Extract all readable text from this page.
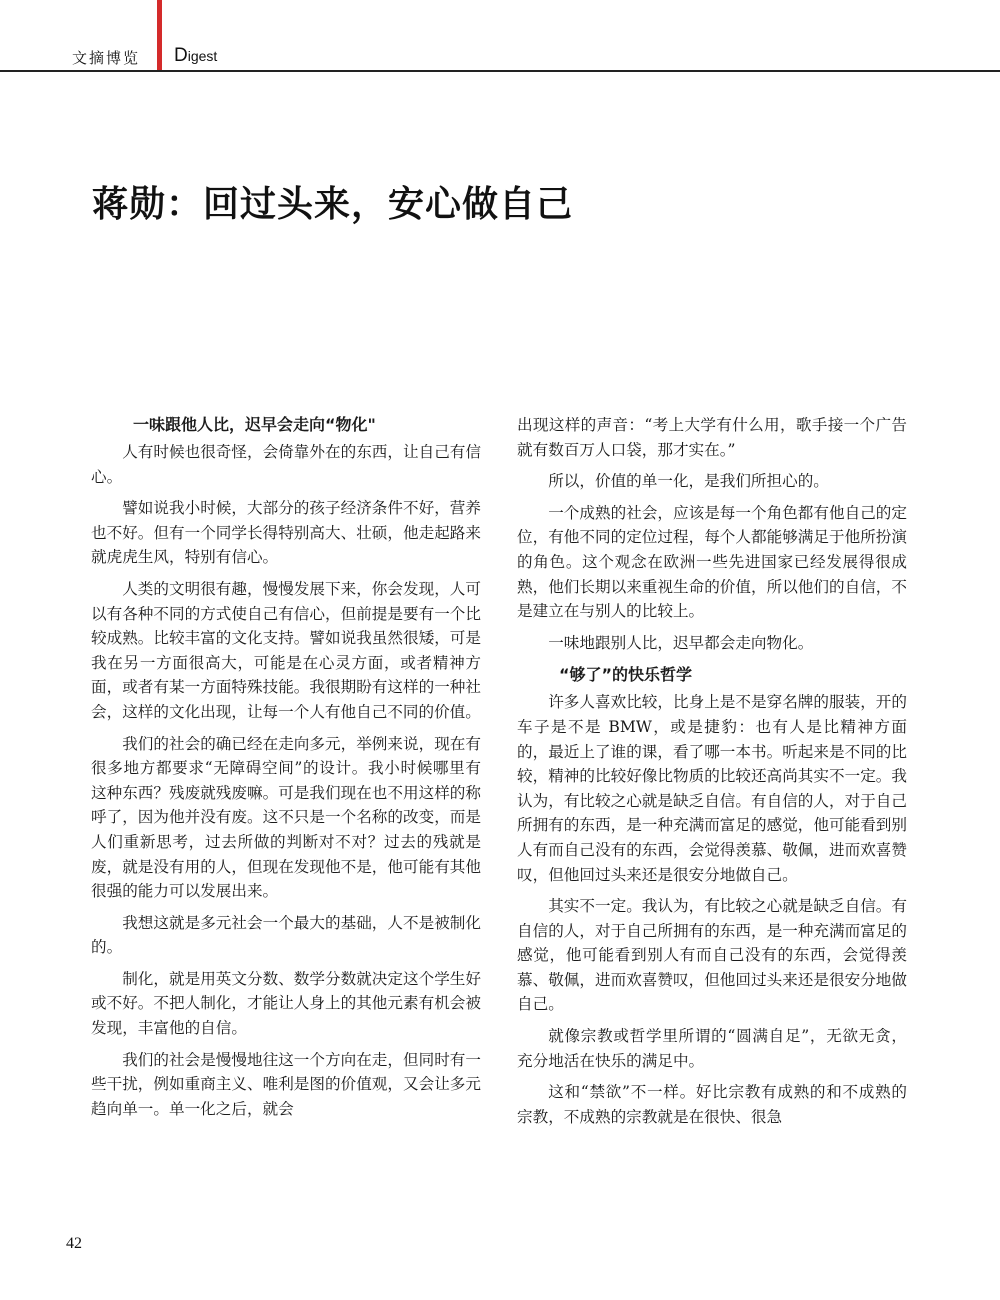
文摘博览 Digest
蒋勋：回过头来，安心做自己
一味跟他人比，迟早会走向“物化"

人有时候也很奇怪，会倚靠外在的东西，让自己有信心。

譬如说我小时候，大部分的孩子经济条件不好，营养也不好。但有一个同学长得特别高大、壮硕，他走起路来就虎虎生风，特别有信心。

人类的文明很有趣，慢慢发展下来，你会发现，人可以有各种不同的方式使自己有信心，但前提是要有一个比较成熟。比较丰富的文化支持。譬如说我虽然很矮，可是我在另一方面很高大，可能是在心灵方面，或者精神方面，或者有某一方面特殊技能。我很期盼有这样的一种社会，这样的文化出现，让每一个人有他自己不同的价值。

我们的社会的确已经在走向多元，举例来说，现在有很多地方都要求“无障碍空间”的设计。我小时候哪里有这种东西？残废就残废嘛。可是我们现在也不用这样的称呼了，因为他并没有废。这不只是一个名称的改变，而是人们重新思考，过去所做的判断对不对？过去的残就是废，就是没有用的人，但现在发现他不是，他可能有其他很强的能力可以发展出来。

我想这就是多元社会一个最大的基础，人不是被制化的。

制化，就是用英文分数、数学分数就决定这个学生好或不好。不把人制化，才能让人身上的其他元素有机会被发现，丰富他的自信。

我们的社会是慢慢地往这一个方向在走，但同时有一些干扰，例如重商主义、唯利是图的价值观，又会让多元趋向单一。单一化之后，就会

出现这样的声音：“考上大学有什么用，歌手接一个广告就有数百万人口袋，那才实在。”

所以，价值的单一化，是我们所担心的。

一个成熟的社会，应该是每一个角色都有他自己的定位，有他不同的定位过程，每个人都能够满足于他所扮演的角色。这个观念在欧洲一些先进国家已经发展得很成熟，他们长期以来重视生命的价值，所以他们的自信，不是建立在与别人的比较上。

一味地跟别人比，迟早都会走向物化。

“够了”的快乐哲学

许多人喜欢比较，比身上是不是穿名牌的服装，开的车子是不是 BMW，或是捷豹：也有人是比精神方面的，最近上了谁的课，看了哪一本书。听起来是不同的比较，精神的比较好像比物质的比较还高尚其实不一定。我认为，有比较之心就是缺乏自信。有自信的人，对于自己所拥有的东西，是一种充满而富足的感觉，他可能看到别人有而自己没有的东西，会觉得羡慕、敬佩，进而欢喜赞叹，但他回过头来还是很安分地做自己。

其实不一定。我认为，有比较之心就是缺乏自信。有自信的人，对于自己所拥有的东西，是一种充满而富足的感觉，他可能看到别人有而自己没有的东西，会觉得羡慕、敬佩，进而欢喜赞叹，但他回过头来还是很安分地做自己。

就像宗教或哲学里所谓的“圆满自足”，无欲无贪，充分地活在快乐的满足中。

这和“禁欲”不一样。好比宗教有成熟的和不成熟的宗教，不成熟的宗教就是在很快、很急

42
